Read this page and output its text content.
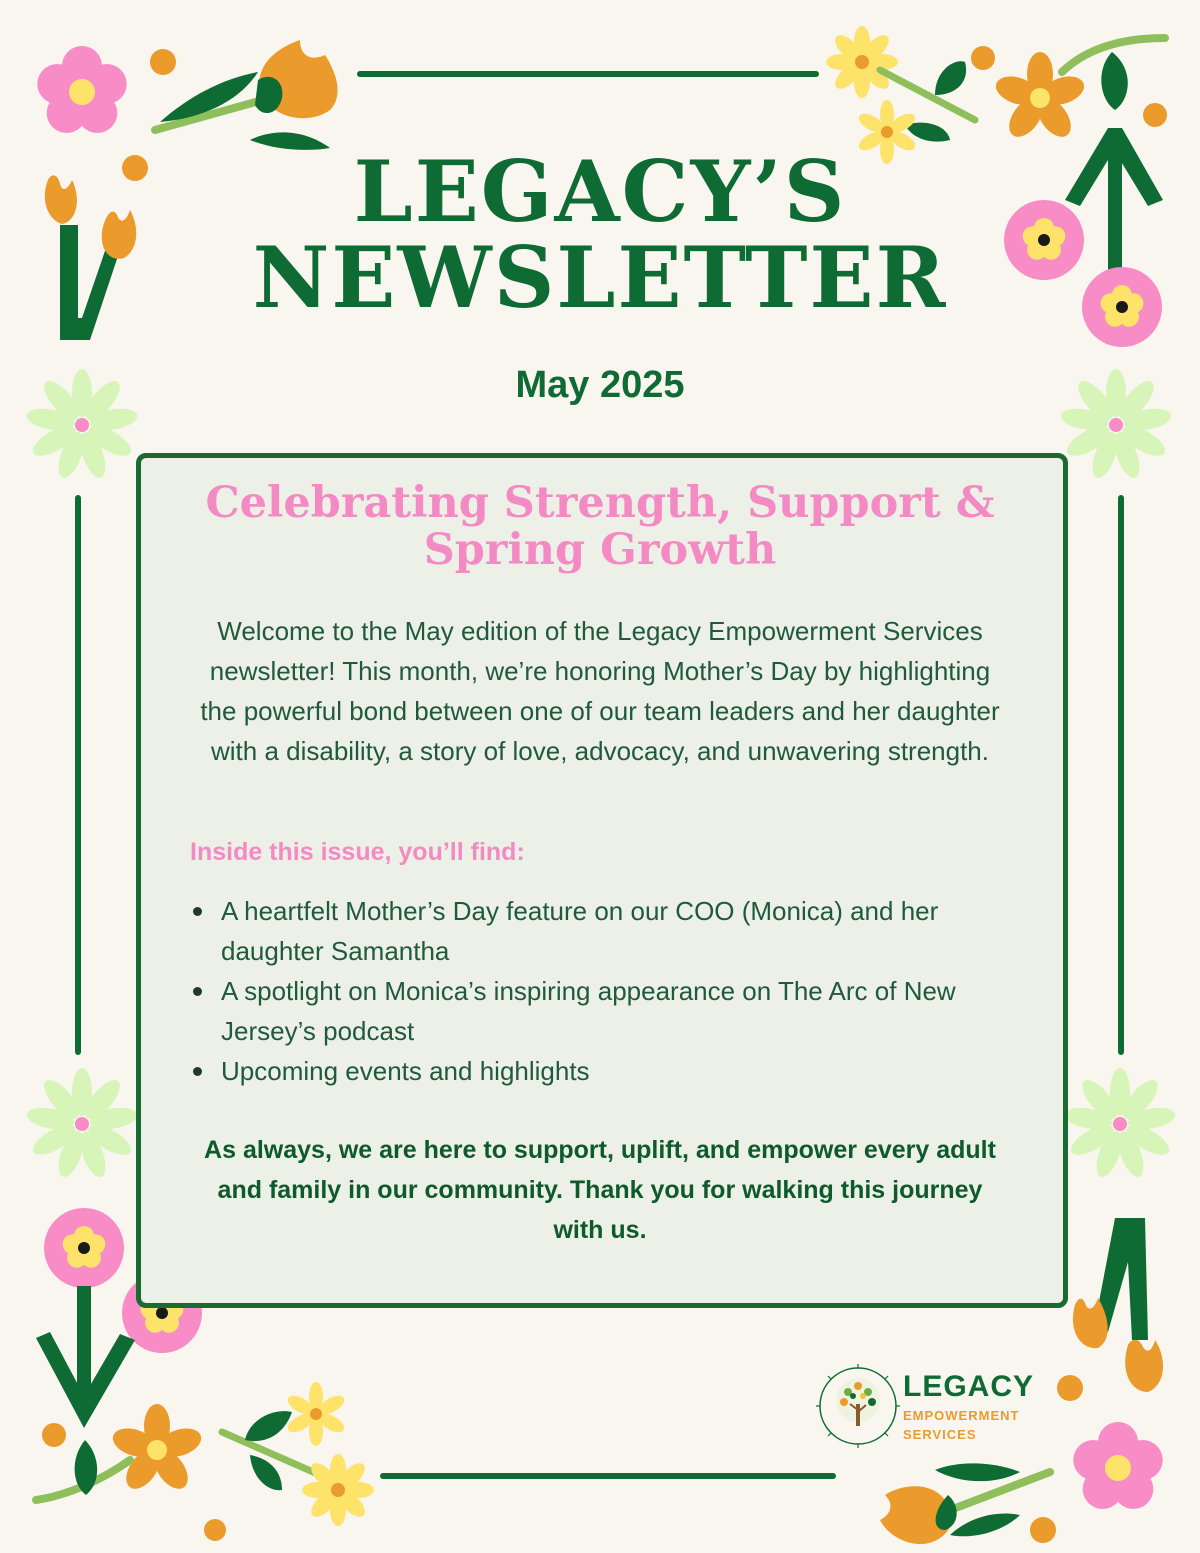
LEGACY’S
NEWSLETTER
May 2025
Celebrating Strength, Support &
Spring Growth
Welcome to the May edition of the Legacy Empowerment Services newsletter! This month, we’re honoring Mother’s Day by highlighting the powerful bond between one of our team leaders and her daughter with a disability, a story of love, advocacy, and unwavering strength.
Inside this issue, you’ll find:
A heartfelt Mother’s Day feature on our COO (Monica) and her daughter Samantha
A spotlight on Monica’s inspiring appearance on The Arc of New Jersey’s podcast
Upcoming events and highlights
As always, we are here to support, uplift, and empower every adult and family in our community. Thank you for walking this journey with us.
LEGACY
EMPOWERMENT
SERVICES
